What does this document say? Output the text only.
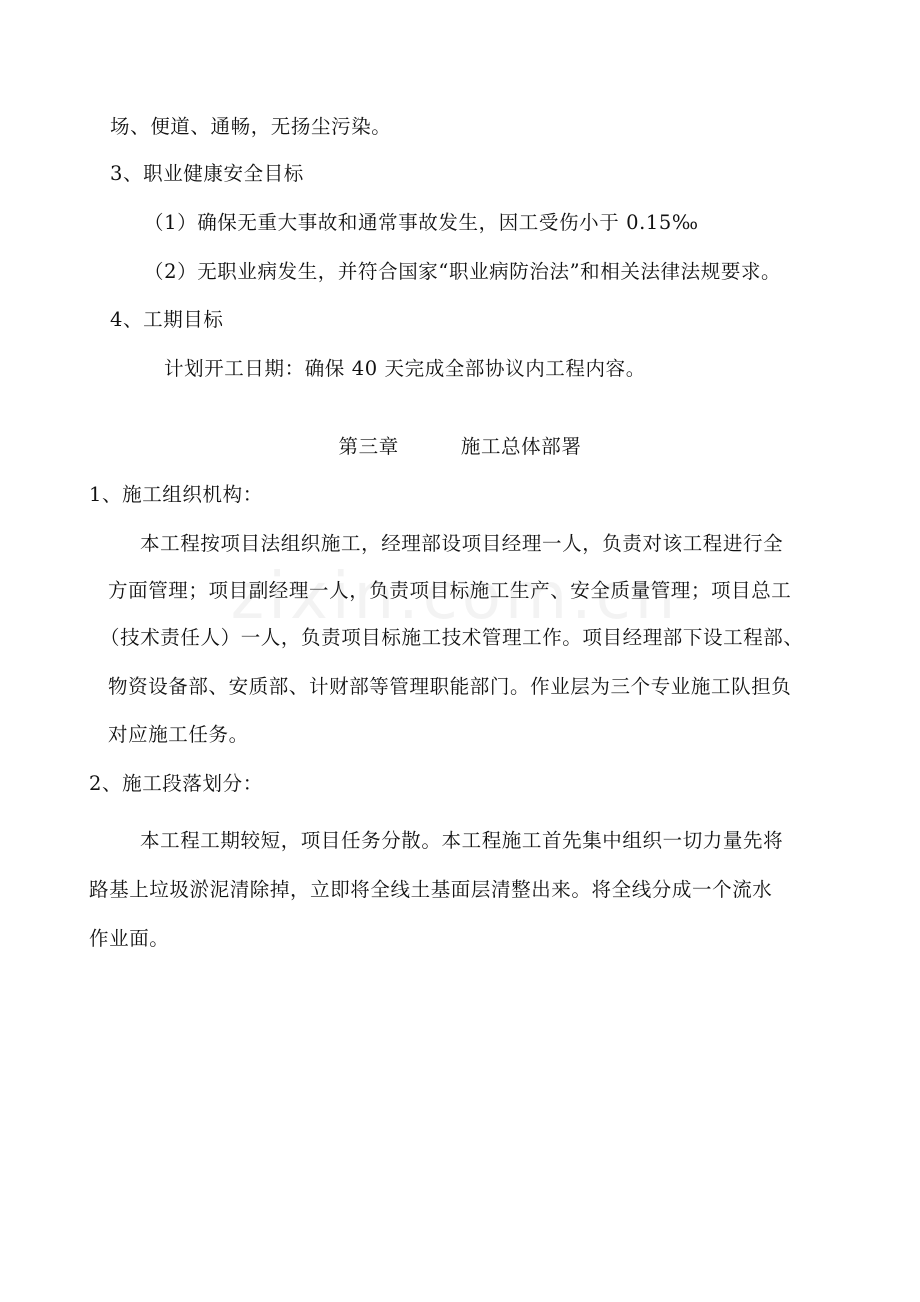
场、便道、通畅，无扬尘污染。
3、职业健康安全目标
（1）确保无重大事故和通常事故发生，因工受伤小于 0.15‰
（2）无职业病发生，并符合国家“职业病防治法”和相关法律法规要求。
4、工期目标
计划开工日期：确保 40 天完成全部协议内工程内容。
第三章	施工总体部署
1、施工组织机构：
本工程按项目法组织施工，经理部设项目经理一人，负责对该工程进行全
方面管理；项目副经理一人，负责项目标施工生产、安全质量管理；项目总工
（技术责任人）一人，负责项目标施工技术管理工作。项目经理部下设工程部、
物资设备部、安质部、计财部等管理职能部门。作业层为三个专业施工队担负
对应施工任务。
2、施工段落划分：
本工程工期较短，项目任务分散。本工程施工首先集中组织一切力量先将
路基上垃圾淤泥清除掉，立即将全线土基面层清整出来。将全线分成一个流水
作业面。
